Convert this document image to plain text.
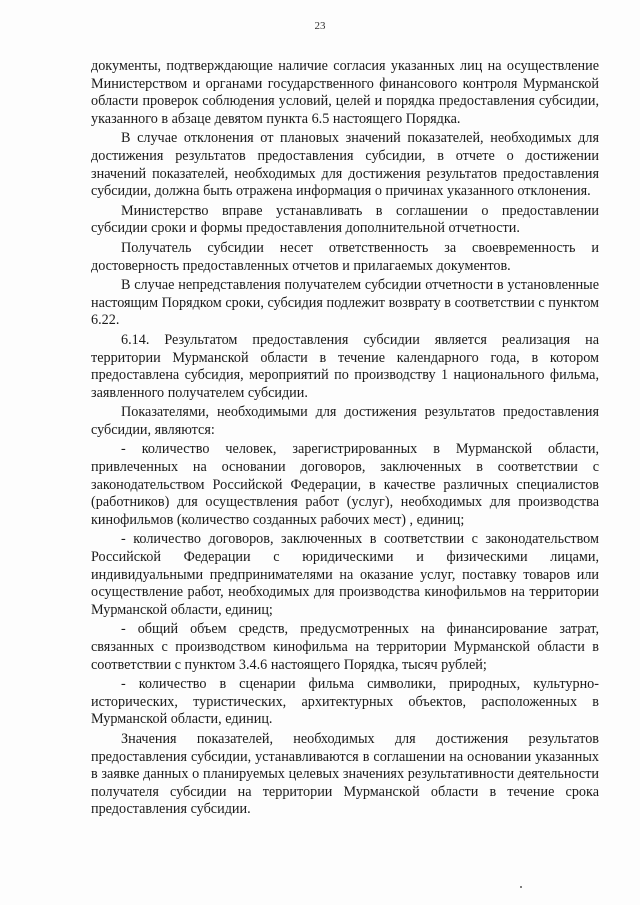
23

документы, подтверждающие наличие согласия указанных лиц на осуществление Министерством и органами государственного финансового контроля Мурманской области проверок соблюдения условий, целей и порядка предоставления субсидии, указанного в абзаце девятом пункта 6.5 настоящего Порядка.

В случае отклонения от плановых значений показателей, необходимых для достижения результатов предоставления субсидии, в отчете о достижении значений показателей, необходимых для достижения результатов предоставления субсидии, должна быть отражена информация о причинах указанного отклонения.

Министерство вправе устанавливать в соглашении о предоставлении субсидии сроки и формы предоставления дополнительной отчетности.

Получатель субсидии несет ответственность за своевременность и достоверность предоставленных отчетов и прилагаемых документов.

В случае непредставления получателем субсидии отчетности в установленные настоящим Порядком сроки, субсидия подлежит возврату в соответствии с пунктом 6.22.

6.14. Результатом предоставления субсидии является реализация на территории Мурманской области в течение календарного года, в котором предоставлена субсидия, мероприятий по производству 1 национального фильма, заявленного получателем субсидии.

Показателями, необходимыми для достижения результатов предоставления субсидии, являются:

- количество человек, зарегистрированных в Мурманской области, привлеченных на основании договоров, заключенных в соответствии с законодательством Российской Федерации, в качестве различных специалистов (работников) для осуществления работ (услуг), необходимых для производства кинофильмов (количество созданных рабочих мест) , единиц;

- количество договоров, заключенных в соответствии с законодательством Российской Федерации с юридическими и физическими лицами, индивидуальными предпринимателями на оказание услуг, поставку товаров или осуществление работ, необходимых для производства кинофильмов на территории Мурманской области, единиц;

- общий объем средств, предусмотренных на финансирование затрат, связанных с производством кинофильма на территории Мурманской области в соответствии с пунктом 3.4.6 настоящего Порядка, тысяч рублей;

- количество в сценарии фильма символики, природных, культурно-исторических, туристических, архитектурных объектов, расположенных в Мурманской области, единиц.

Значения показателей, необходимых для достижения результатов предоставления субсидии, устанавливаются в соглашении на основании указанных в заявке данных о планируемых целевых значениях результативности деятельности получателя субсидии на территории Мурманской области в течение срока предоставления субсидии.
